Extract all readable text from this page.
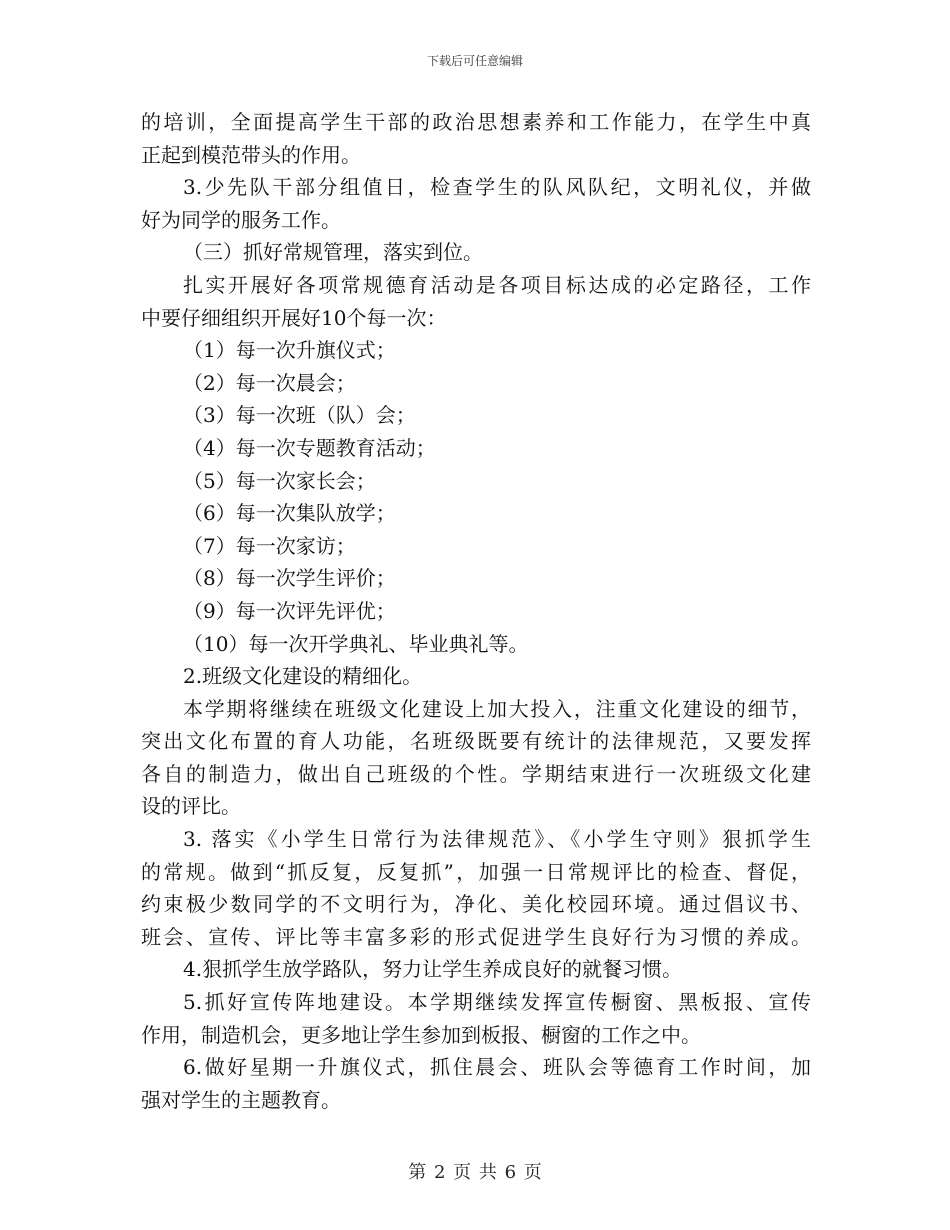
下载后可任意编辑
的培训，全面提高学生干部的政治思想素养和工作能力，在学生中真
正起到模范带头的作用。
3.少先队干部分组值日，检查学生的队风队纪，文明礼仪，并做
好为同学的服务工作。
（三）抓好常规管理，落实到位。
扎实开展好各项常规德育活动是各项目标达成的必定路径，工作
中要仔细组织开展好10个每一次：
（1）每一次升旗仪式；
（2）每一次晨会；
（3）每一次班（队）会；
（4）每一次专题教育活动；
（5）每一次家长会；
（6）每一次集队放学；
（7）每一次家访；
（8）每一次学生评价；
（9）每一次评先评优；
（10）每一次开学典礼、毕业典礼等。
2.班级文化建设的精细化。
本学期将继续在班级文化建设上加大投入，注重文化建设的细节，
突出文化布置的育人功能，名班级既要有统计的法律规范，又要发挥
各自的制造力，做出自己班级的个性。学期结束进行一次班级文化建
设的评比。
3. 落实《小学生日常行为法律规范》、《小学生守则》狠抓学生
的常规。做到“抓反复，反复抓”，加强一日常规评比的检查、督促，
约束极少数同学的不文明行为，净化、美化校园环境。通过倡议书、
班会、宣传、评比等丰富多彩的形式促进学生良好行为习惯的养成。
4.狠抓学生放学路队，努力让学生养成良好的就餐习惯。
5.抓好宣传阵地建设。本学期继续发挥宣传橱窗、黑板报、宣传
作用，制造机会，更多地让学生参加到板报、橱窗的工作之中。
6.做好星期一升旗仪式，抓住晨会、班队会等德育工作时间，加
强对学生的主题教育。
第 2 页 共 6 页
